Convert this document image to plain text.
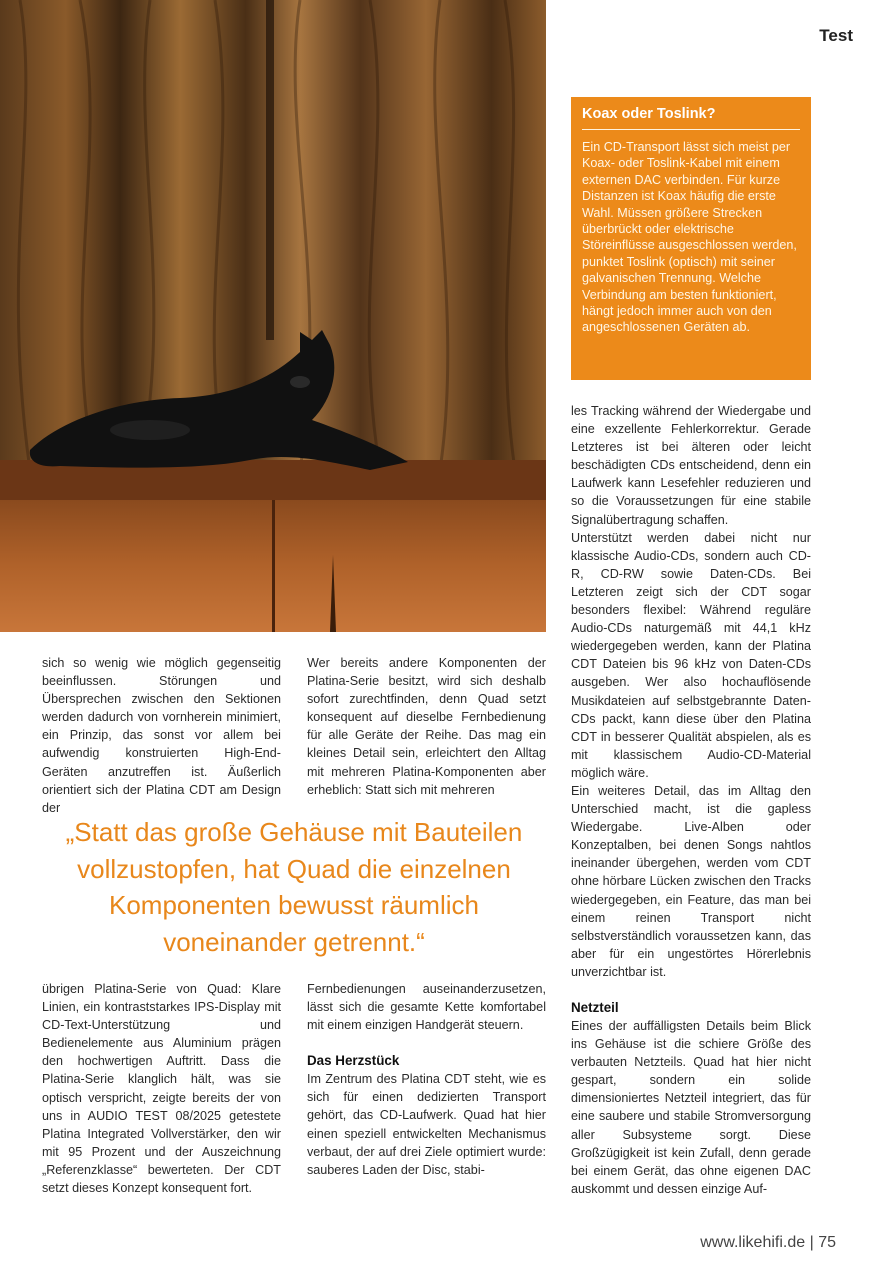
Test
Koax oder Toslink?

Ein CD-Transport lässt sich meist per Koax- oder Toslink-Kabel mit einem externen DAC verbinden. Für kurze Distanzen ist Koax häufig die erste Wahl. Müssen größere Strecken überbrückt oder elektrische Störeinflüsse ausgeschlossen werden, punktet Toslink (optisch) mit seiner galvanischen Trennung. Welche Verbindung am besten funktioniert, hängt jedoch immer auch von den angeschlossenen Geräten ab.

sich so wenig wie möglich gegenseitig beeinflussen. Störungen und Übersprechen zwischen den Sektionen werden dadurch von vornherein minimiert, ein Prinzip, das sonst vor allem bei aufwendig konstruierten High-End-Geräten anzutreffen ist. Äußerlich orientiert sich der Platina CDT am Design der

Wer bereits andere Komponenten der Platina-Serie besitzt, wird sich deshalb sofort zurechtfinden, denn Quad setzt konsequent auf dieselbe Fernbedienung für alle Geräte der Reihe. Das mag ein kleines Detail sein, erleichtert den Alltag mit mehreren Platina-Komponenten aber erheblich: Statt sich mit mehreren

„Statt das große Gehäuse mit Bauteilen vollzustopfen, hat Quad die einzelnen Komponenten bewusst räumlich voneinander getrennt.“

übrigen Platina-Serie von Quad: Klare Linien, ein kontraststarkes IPS-Display mit CD-Text-Unterstützung und Bedienelemente aus Aluminium prägen den hochwertigen Auftritt. Dass die Platina-Serie klanglich hält, was sie optisch verspricht, zeigte bereits der von uns in AUDIO TEST 08/2025 getestete Platina Integrated Vollverstärker, den wir mit 95 Prozent und der Auszeichnung „Referenzklasse“ bewerteten. Der CDT setzt dieses Konzept konsequent fort.

Fernbedienungen auseinanderzusetzen, lässt sich die gesamte Kette komfortabel mit einem einzigen Handgerät steuern.

Das Herzstück

Im Zentrum des Platina CDT steht, wie es sich für einen dedizierten Transport gehört, das CD-Laufwerk. Quad hat hier einen speziell entwickelten Mechanismus verbaut, der auf drei Ziele optimiert wurde: sauberes Laden der Disc, stabi-

les Tracking während der Wiedergabe und eine exzellente Fehlerkorrektur. Gerade Letzteres ist bei älteren oder leicht beschädigten CDs entscheidend, denn ein Laufwerk kann Lesefehler reduzieren und so die Voraussetzungen für eine stabile Signalübertragung schaffen.

Unterstützt werden dabei nicht nur klassische Audio-CDs, sondern auch CD-R, CD-RW sowie Daten-CDs. Bei Letzteren zeigt sich der CDT sogar besonders flexibel: Während reguläre Audio-CDs naturgemäß mit 44,1 kHz wiedergegeben werden, kann der Platina CDT Dateien bis 96 kHz von Daten-CDs ausgeben. Wer also hochauflösende Musikdateien auf selbstgebrannte Daten-CDs packt, kann diese über den Platina CDT in besserer Qualität abspielen, als es mit klassischem Audio-CD-Material möglich wäre.

Ein weiteres Detail, das im Alltag den Unterschied macht, ist die gapless Wiedergabe. Live-Alben oder Konzeptalben, bei denen Songs nahtlos ineinander übergehen, werden vom CDT ohne hörbare Lücken zwischen den Tracks wiedergegeben, ein Feature, das man bei einem reinen Transport nicht selbstverständlich voraussetzen kann, das aber für ein ungestörtes Hörerlebnis unverzichtbar ist.

Netzteil

Eines der auffälligsten Details beim Blick ins Gehäuse ist die schiere Größe des verbauten Netzteils. Quad hat hier nicht gespart, sondern ein solide dimensioniertes Netzteil integriert, das für eine saubere und stabile Stromversorgung aller Subsysteme sorgt. Diese Großzügigkeit ist kein Zufall, denn gerade bei einem Gerät, das ohne eigenen DAC auskommt und dessen einzige Auf-

www.likehifi.de | 75
